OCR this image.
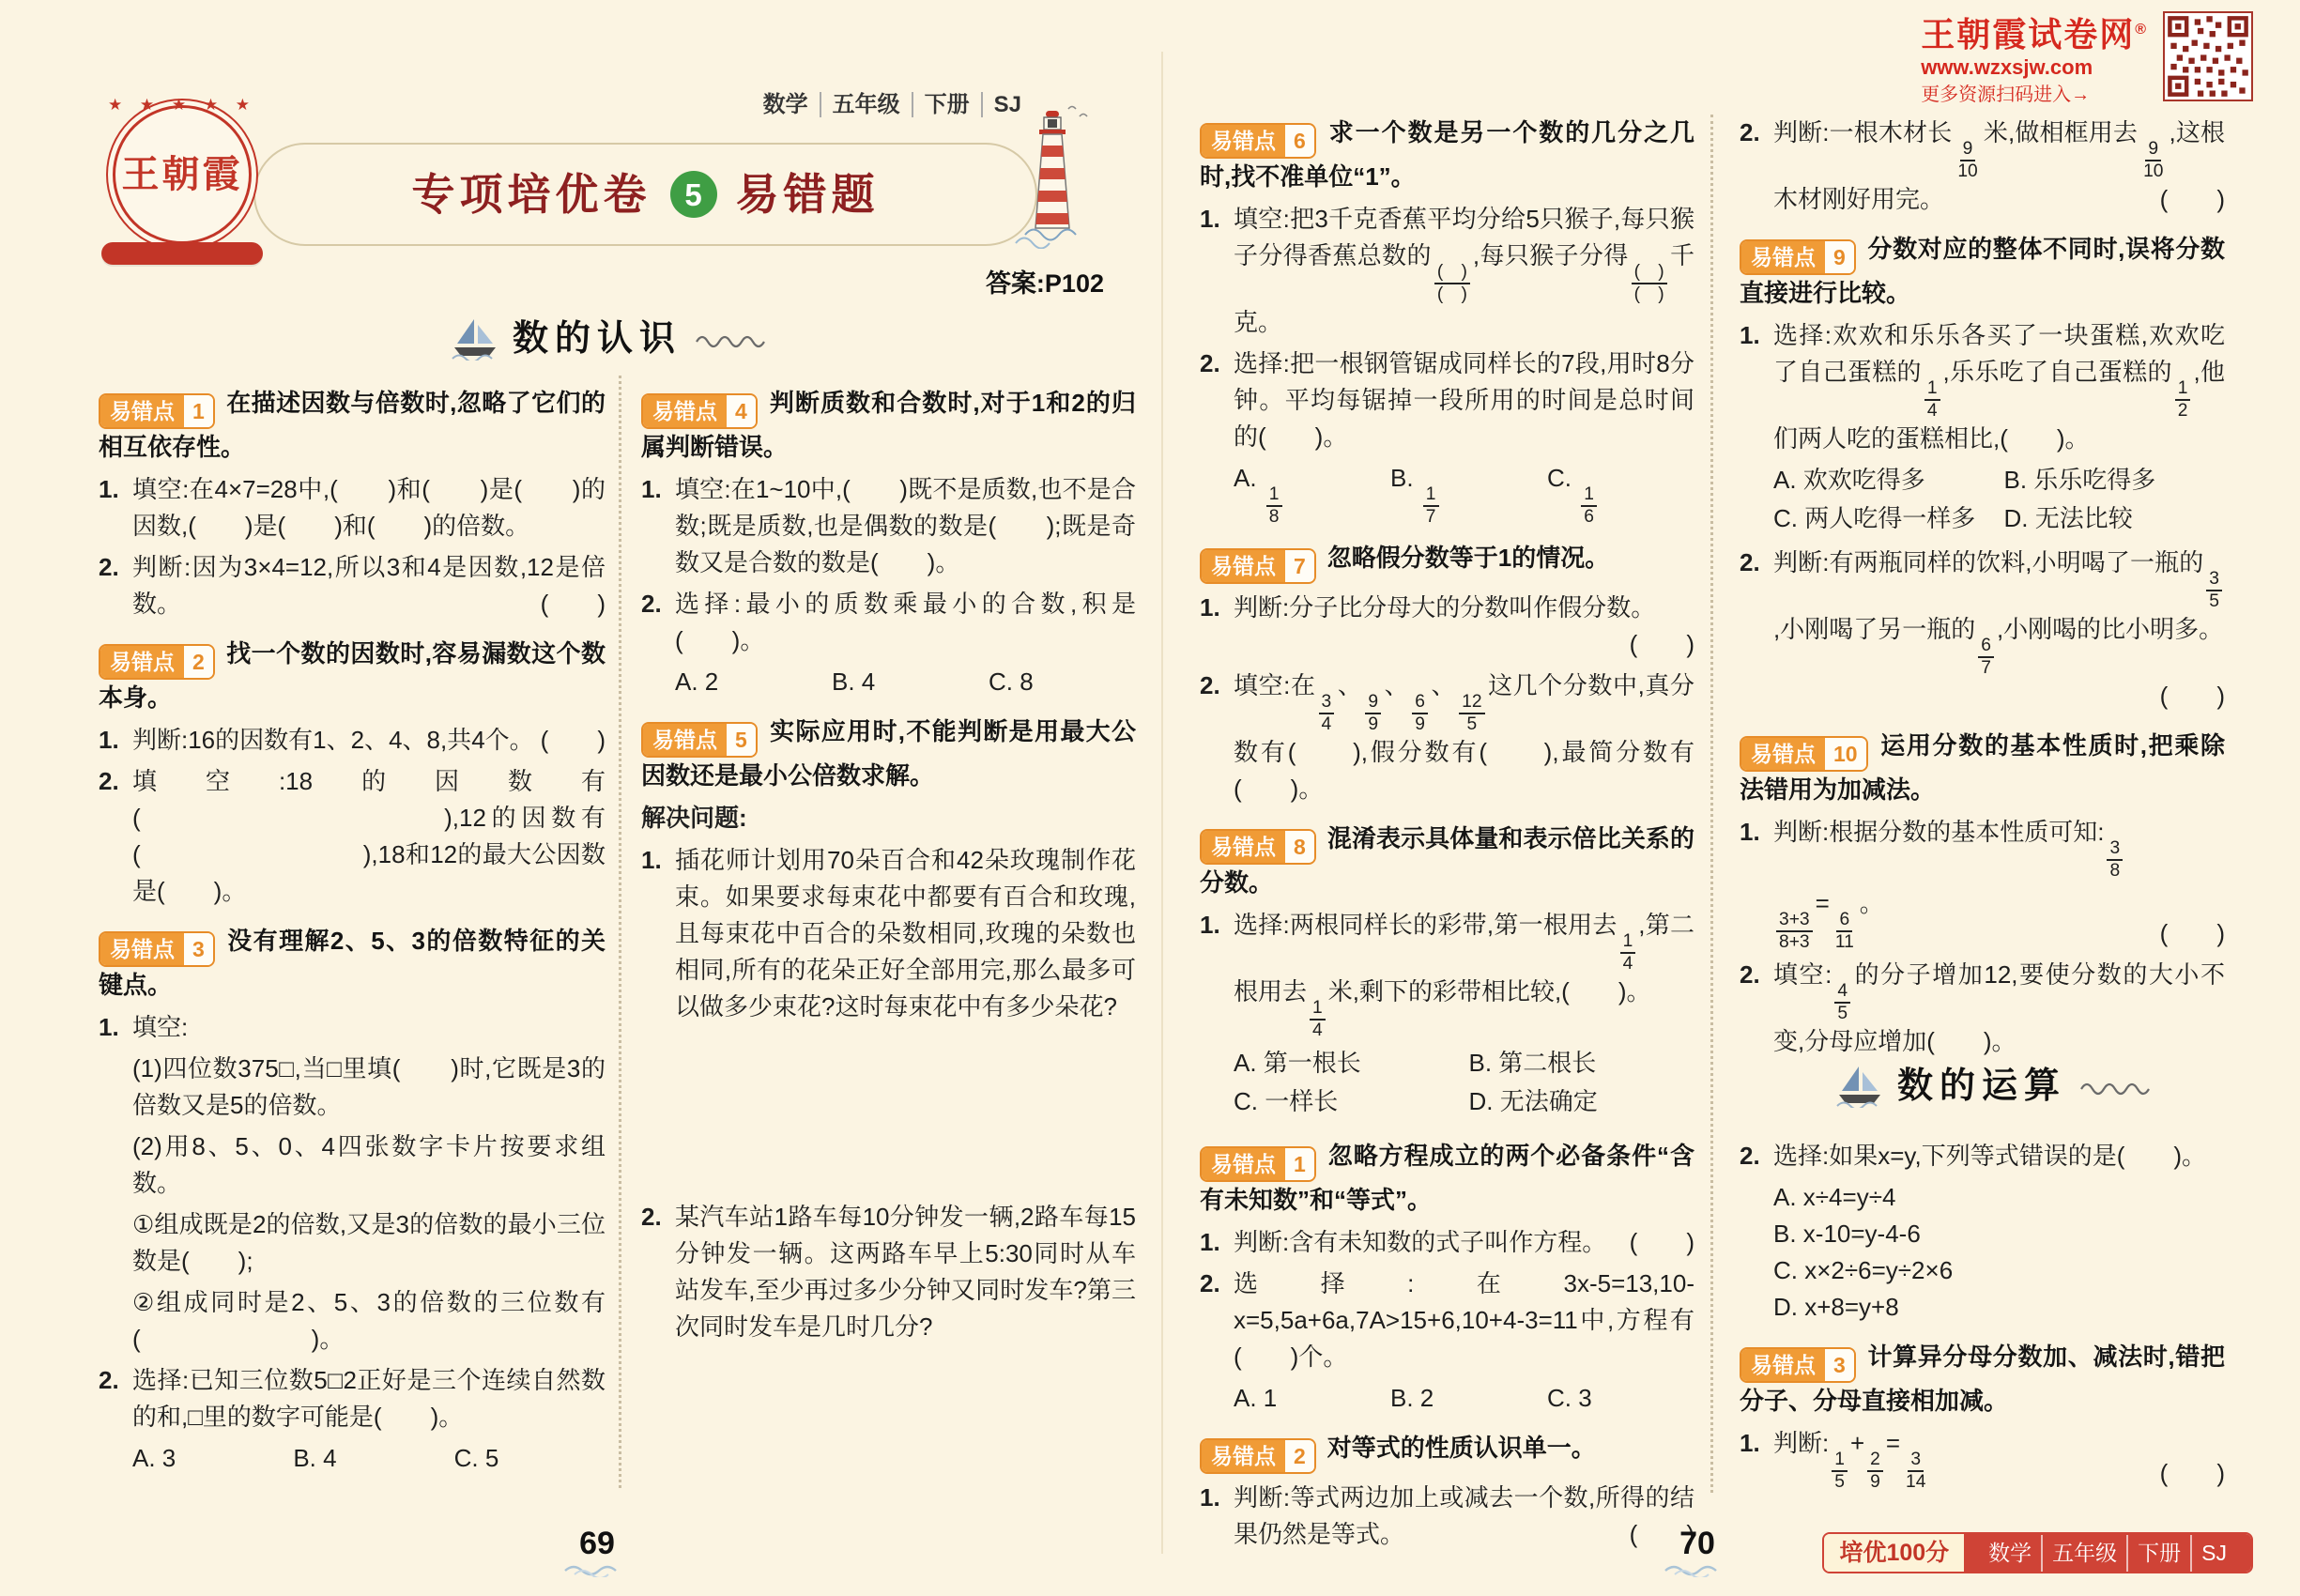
王朝霞试卷网®
www.wzxsjw.com
更多资源扫码进入→
数学 五年级 下册 SJ
★ ★ ★ ★ ★
王朝霞	专项培优卷	5 易错题
答案:P102
数的认识
数的运算
易错点 1 在描述因数与倍数时,忽略了它们的相互依存性。
1. 填空:在4×7=28中,(　　)和(　　)是(　　)的因数,(　　)是(　　)和(　　)的倍数。
2. 判断:因为3×4=12,所以3和4是因数,12是倍数。	(　　)
易错点 2 找一个数的因数时,容易漏数这个数本身。
1. 判断:16的因数有1、2、4、8,共4个。 (　　)
2. 填空:18的因数有(　　　　　　　　　　),12的因数有(　　　　　　　　　),18和12的最大公因数是(　　)。
易错点 3 没有理解2、5、3的倍数特征的关键点。
1. 填空:
(1)四位数375□,当□里填(　　)时,它既是3的倍数又是5的倍数。
(2)用8、5、0、4四张数字卡片按要求组数。
①组成既是2的倍数,又是3的倍数的最小三位数是(　　);
②组成同时是2、5、3的倍数的三位数有(　　　　　　　)。
2. 选择:已知三位数5□2正好是三个连续自然数的和,□里的数字可能是(　　)。
A. 3	B. 4	C. 5
易错点 4 判断质数和合数时,对于1和2的归属判断错误。
1. 填空:在1~10中,(　　)既不是质数,也不是合数;既是质数,也是偶数的数是(　　);既是奇数又是合数的数是(　　)。
2. 选择:最小的质数乘最小的合数,积是(　　)。
A. 2	B. 4	C. 8
易错点 5 实际应用时,不能判断是用最大公因数还是最小公倍数求解。
解决问题:
1. 插花师计划用70朵百合和42朵玫瑰制作花束。如果要求每束花中都要有百合和玫瑰,且每束花中百合的朵数相同,玫瑰的朵数也相同,所有的花朵正好全部用完,那么最多可以做多少束花?这时每束花中有多少朵花?
2. 某汽车站1路车每10分钟发一辆,2路车每15分钟发一辆。这两路车早上5:30同时从车站发车,至少再过多少分钟又同时发车?第三次同时发车是几时几分?
易错点 6 求一个数是另一个数的几分之几时,找不准单位“1”。
1. 填空:把3千克香蕉平均分给5只猴子,每只猴子分得香蕉总数的
$\frac{( )}{( )}$
,每只猴子分得
$\frac{( )}{( )}$
千克。
2. 选择:把一根钢管锯成同样长的7段,用时8分钟。平均每锯掉一段所用的时间是总时间的(　　)。
A.
$\frac{1}{8}$
B.
$\frac{1}{7}$
C.
$\frac{1}{6}$
易错点 7 忽略假分数等于1的情况。
1. 判断:分子比分母大的分数叫作假分数。
(　　)
2. 填空:在
$\frac{3}{4}$
、
$\frac{9}{9}$
、
$\frac{6}{9}$
、
$\frac{12}{5}$
这几个分数中,真分数有(　　),假分数有(　　),最简分数有(　　)。
易错点 8 混淆表示具体量和表示倍比关系的分数。
1. 选择:两根同样长的彩带,第一根用去
$\frac{1}{4}$
,第二根用去
$\frac{1}{4}$
米,剩下的彩带相比较,(　　)。
A. 第一根长	B. 第二根长
C. 一样长	D. 无法确定
2. 判断:一根木材长
$\frac{9}{10}$
米,做相框用去
$\frac{9}{10}$
,这根木材刚好用完。	(　　)
易错点 9 分数对应的整体不同时,误将分数直接进行比较。
1. 选择:欢欢和乐乐各买了一块蛋糕,欢欢吃了自己蛋糕的
$\frac{1}{4}$
,乐乐吃了自己蛋糕的
$\frac{1}{2}$
,他们两人吃的蛋糕相比,(　　)。
A. 欢欢吃得多	B. 乐乐吃得多
C. 两人吃得一样多	D. 无法比较
2. 判断:有两瓶同样的饮料,小明喝了一瓶的
$\frac{3}{5}$
,小刚喝了另一瓶的
$\frac{6}{7}$
,小刚喝的比小明多。
(　　)
易错点 10 运用分数的基本性质时,把乘除法错用为加减法。
1. 判断:根据分数的基本性质可知:
$\frac{3}{8}$
$\frac{3+3}{8+3}$
=
$\frac{6}{11}$
。
(　　)
2. 填空:
$\frac{4}{5}$
的分子增加12,要使分数的大小不变,分母应增加(　　)。
易错点 1 忽略方程成立的两个必备条件“含有未知数”和“等式”。
1. 判断:含有未知数的式子叫作方程。 (　　)
2. 选择:在3x-5=13,10-x=5,5a+6a,7A>15+6,10+4-3=11中,方程有(　　)个。
A. 1	B. 2	C. 3
易错点 2 对等式的性质认识单一。
1. 判断:等式两边加上或减去一个数,所得的结果仍然是等式。	(　　)
2. 选择:如果x=y,下列等式错误的是(　　)。
A. x÷4=y÷4
B. x-10=y-4-6
C. x×2÷6=y÷2×6
D. x+8=y+8
易错点 3 计算异分母分数加、减法时,错把分子、分母直接相加减。
1. 判断:
$\frac{1}{5}$
+
$\frac{2}{9}$
=
$\frac{3}{14}$	(　　)
69	70	培优100分	数学 五年级 下册 SJ
